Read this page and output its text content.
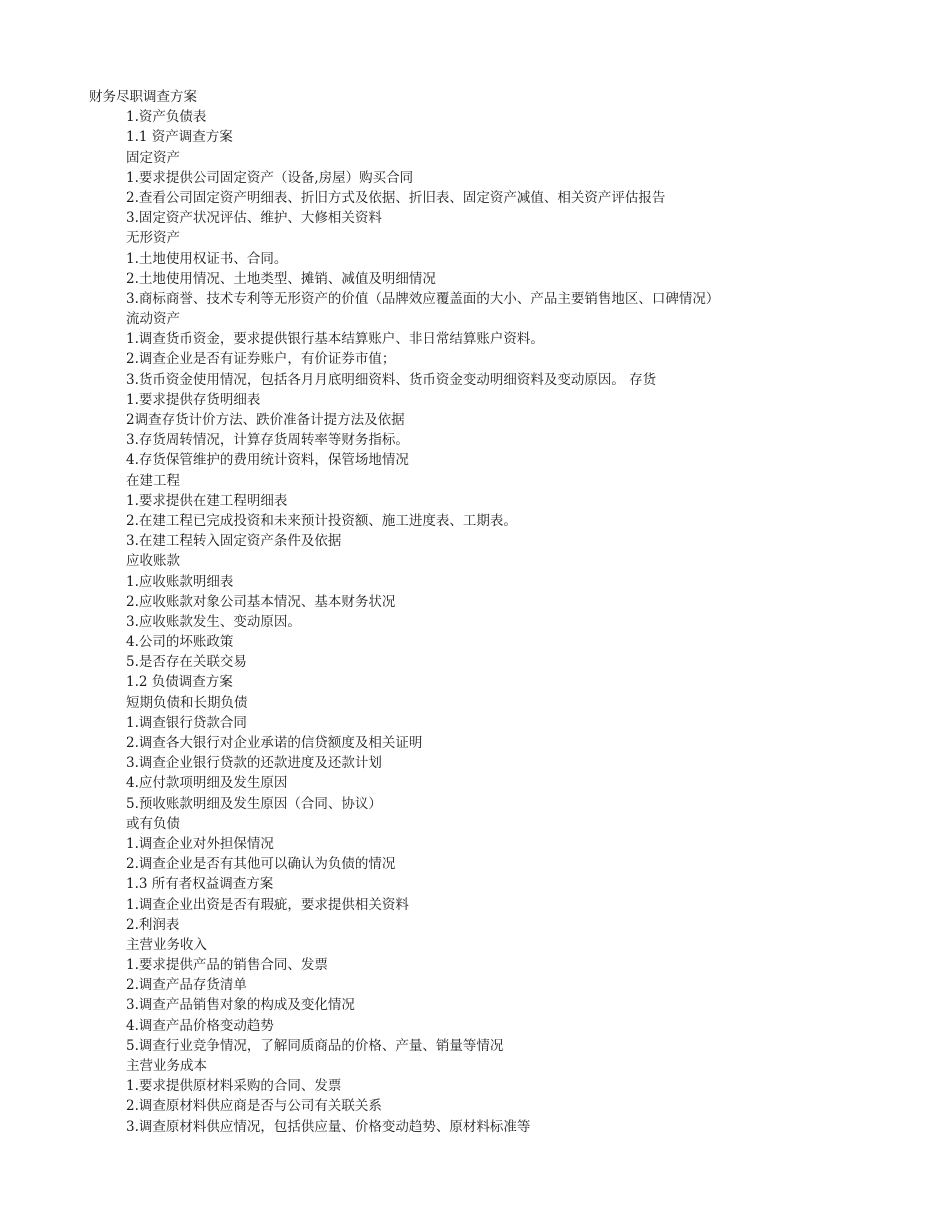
财务尽职调查方案
1.资产负债表
1.1 资产调查方案
固定资产
1.要求提供公司固定资产（设备,房屋）购买合同
2.查看公司固定资产明细表、折旧方式及依据、折旧表、固定资产减值、相关资产评估报告
3.固定资产状况评估、维护、大修相关资料
无形资产
1.土地使用权证书、合同。
2.土地使用情况、土地类型、摊销、减值及明细情况
3.商标商誉、技术专利等无形资产的价值（品牌效应覆盖面的大小、产品主要销售地区、口碑情况）
流动资产
1.调查货币资金，要求提供银行基本结算账户、非日常结算账户资料。
2.调查企业是否有证券账户，有价证券市值；
3.货币资金使用情况，包括各月月底明细资料、货币资金变动明细资料及变动原因。 存货
1.要求提供存货明细表
2调查存货计价方法、跌价准备计提方法及依据
3.存货周转情况，计算存货周转率等财务指标。
4.存货保管维护的费用统计资料，保管场地情况
在建工程
1.要求提供在建工程明细表
2.在建工程已完成投资和未来预计投资额、施工进度表、工期表。
3.在建工程转入固定资产条件及依据
应收账款
1.应收账款明细表
2.应收账款对象公司基本情况、基本财务状况
3.应收账款发生、变动原因。
4.公司的坏账政策
5.是否存在关联交易
1.2 负债调查方案
短期负债和长期负债
1.调查银行贷款合同
2.调查各大银行对企业承诺的信贷额度及相关证明
3.调查企业银行贷款的还款进度及还款计划
4.应付款项明细及发生原因
5.预收账款明细及发生原因（合同、协议）
或有负债
1.调查企业对外担保情况
2.调查企业是否有其他可以确认为负债的情况
1.3 所有者权益调查方案
1.调查企业出资是否有瑕疵，要求提供相关资料
2.利润表
主营业务收入
1.要求提供产品的销售合同、发票
2.调查产品存货清单
3.调查产品销售对象的构成及变化情况
4.调查产品价格变动趋势
5.调查行业竞争情况，了解同质商品的价格、产量、销量等情况
主营业务成本
1.要求提供原材料采购的合同、发票
2.调查原材料供应商是否与公司有关联关系
3.调查原材料供应情况，包括供应量、价格变动趋势、原材料标准等
